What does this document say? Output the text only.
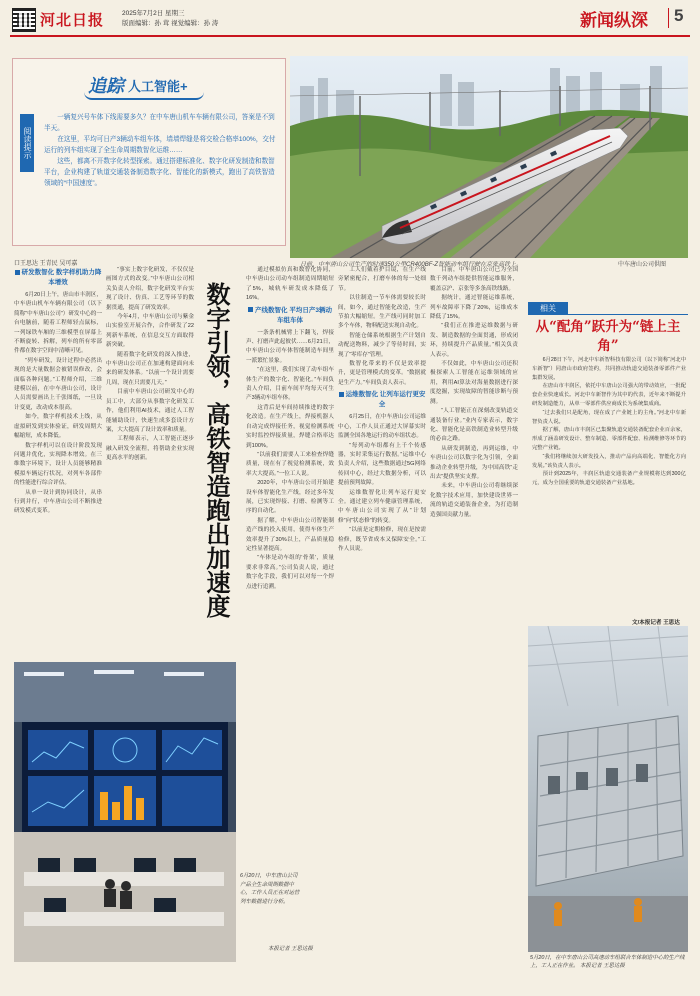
河北日报	2025年7月2日 星期三
版面编辑：孙 茸 视觉编辑：孙 涛	新闻纵深 5
追踪 人工智能+
阅读提示

一辆复兴号车体下线需要多久？在中车唐山机车车辆有限公司，答案是不到半天。

在这里，平均可日产3辆动车组车体，墙墙焊缝是将交检合格率100%，交付运行的列车组实现了全生命周期数智化运维……

这些，都离不开数字化转型探索。通过搭建标准化、数字化研发制造和数智平台，企业构建了轨道交通装备制造数字化、智能化的新模式，跑出了高铁智造领域的“中国速度”。

日前，中车唐山公司生产的时速350公里CR400BF-Z智能动车组行驶在京张高铁上。	中车唐山公司供图
口王思达 王青民 吴可嘉
研发数智化 数字样机助力降本增效

6月20日上午，唐山市丰润区，中车唐山机车车辆有限公司（以下简称“中车唐山公司”）研发中心的一台电脑前，随着工程师轻点鼠标，一列绿铁车厢的三维模型在屏幕上不断旋转、拆解，列车的所有零部件都在数字空间中清晰可见。

“列车研发，设计过程中必然出现的是大量数据会被错误修改，会面临各种问题。”工程师介绍，三维建模以前，在中车唐山公司，设计人员需要画出上千张图纸，一旦设计变更，改动成本很高。

如今，数字样机技术上线，从虚拟研发到实体验证，研发周期大幅缩短，成本降低。

数字样机可以在设计阶段发现问题并优化，实现降本增效。在三维数字环境下，设计人员能够精准模拟车辆运行状况，对列车各部件的性能进行综合评估。

从单一设计到协同设计，从串行到并行，中车唐山公司不断推进研发模式变革。

“事实上数字化研发，不仅仅是画图方式的改变。”中车唐山公司相关负责人介绍，数字化研发平台实现了设计、仿真、工艺等环节的数据贯通，提高了研发效率。

今年4月，中车唐山公司与紫金山实验室开展合作，合作研发了22列新车系统，在信息交互方面取得新突破。

随着数字化研发的深入推进，中车唐山公司正在加速构建面向未来的研发体系。“以前一个设计需要几周，现在只需要几天。”

目前中车唐山公司研发中心的员工中，大部分从事数字化研发工作，他们利用AI技术，通过人工智能辅助设计，快速生成多套设计方案，大大提高了设计效率和质量。

工程师表示，人工智能正逐步融入研发全流程，将帮助企业实现更高水平的创新。	数字引领，高铁智造跑出加速度

通过模拟仿真和数智化协同，中车唐山公司动车组制造周期缩短了5%，城轨车研发成本降低了16%。

产线数智化 平均日产3辆动车组车体

一条条机械臂上下翻飞，焊接声、打磨声此起彼伏……6月21日，中车唐山公司车体智能制造车间里一派繁忙景象。

“在这里，我们实现了动车组车体生产的数字化、智能化。”车间负责人介绍，目前车间平均每天可生产3辆动车组车体。

这背后是车间持续推进的数字化改造。在生产线上，焊接机器人自动完成焊接任务，视觉检测系统实时监控焊接质量，焊缝合格率达到100%。

“以前我们需要人工来检查焊缝质量，现在有了视觉检测系统，效率大大提高。”一位工人说。

2020年，中车唐山公司开始建设车体智能化生产线，经过多年发展，已实现焊接、打磨、检测等工序的自动化。

据了解，中车唐山公司智能制造产线的投入使用，使得车体生产效率提升了30%以上，产品质量稳定性显著提高。

“车体是动车组的‘骨架’，质量要求非常高。”公司负责人说，通过数字化手段，我们可以对每一个焊点进行追溯。

工人们戴着护目镜，在生产线旁紧密配合，打磨车体的每一处细节。

以往制造一节车体需要较长时间，如今，通过智能化改造，生产节拍大幅缩短。生产线可同时加工多个车体，物料配送实现自动化。

智能仓储系统根据生产计划自动配送物料，减少了等待时间，实现了“零库存”管理。

数智化带来的不仅是效率提升，更是管理模式的变革。“数据就是生产力。”车间负责人表示。

运维数智化 让列车运行更安全

6月25日，在中车唐山公司运维中心，工作人员正通过大屏幕实时监测全国各地运行的动车组状态。

“每列动车组都有上千个传感器，实时采集运行数据。”运维中心负责人介绍，这些数据通过5G网络传回中心，经过大数据分析，可以提前预判故障。

运维数智化让列车运行更安全。通过建立列车健康管理系统，中车唐山公司实现了从“计划修”向“状态修”的转变。

“以前是定期检修，现在是按需检修，既节省成本又保障安全。”工作人员说。

目前，中车唐山公司已为全国数千列动车组提供智能运维服务，覆盖京沪、京张等多条高铁线路。

据统计，通过智能运维系统，列车故障率下降了20%，运维成本降低了15%。

“我们正在推进运维数据与研发、制造数据的全面贯通，形成闭环，持续提升产品质量。”相关负责人表示。

不仅如此，中车唐山公司还积极探索人工智能在运维领域的应用，利用AI算法对海量数据进行深度挖掘，实现故障的智能诊断与预测。

“人工智能正在深刻改变轨道交通装备行业。”业内专家表示，数字化、智能化是高铁制造业转型升级的必由之路。

从研发到制造，再到运维，中车唐山公司以数字化为引领，全面推动企业转型升级，为中国高铁“走出去”提供坚实支撑。

未来，中车唐山公司将继续深化数字技术应用，加快建设世界一流的轨道交通装备企业，为打造制造强国贡献力量。

6月20日，中车唐山公司产品全生命周期数据中心，工作人员正在对运营列车数据进行分析。
本报记者 王思达摄
相关
从“配角”跃升为“链上主角”

6月28日下午，河北中车新智科技有限公司（以下简称“河北中车新智”）同唐山市政府签约，共同推动轨道交通装备零部件产业集群发展。

在唐山市丰润区，依托中车唐山公司强大的带动效应，一批配套企业快速成长。河北中车新智作为其中的代表，近年来不断提升研发制造能力，从单一零部件供应商成长为系统集成商。

“过去我们只是配角，现在成了产业链上的主角。”河北中车新智负责人说。

据了解，唐山市丰润区已集聚轨道交通装备配套企业百余家，形成了涵盖研发设计、整车制造、零部件配套、检测维修等环节的完整产业链。

“我们将继续加大研发投入，推动产品向高端化、智能化方向发展。”该负责人表示。

预计到2025年，丰润区轨道交通装备产业规模将达到300亿元，成为全国重要的轨道交通装备产业基地。

文/本报记者 王思达
5月20日，在中车唐山公司高速动车组联合车体制造中心的生产线上，工人正在作业。 本报记者 王思达摄
